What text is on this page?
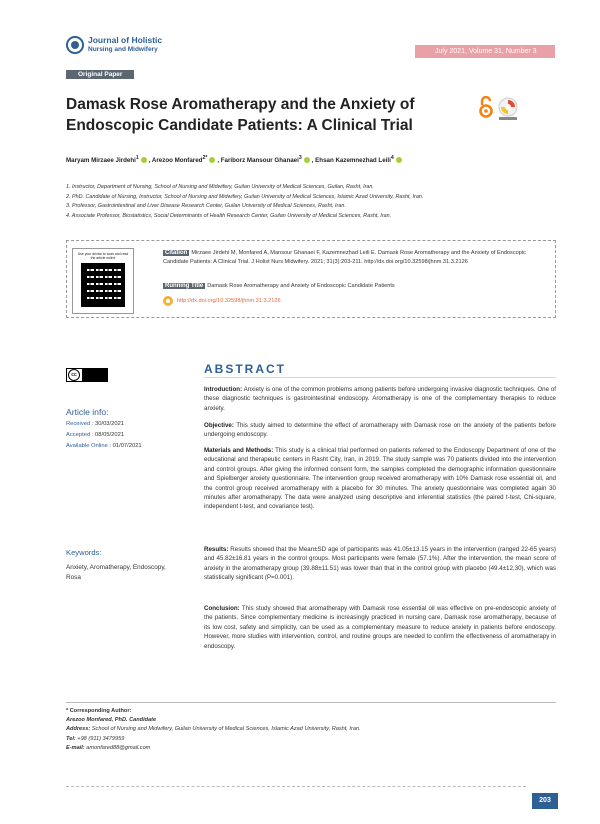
Journal of Holistic
Nursing and Midwifery	July 2021, Volume 31, Number 3
Original Paper
Damask Rose Aromatherapy and the Anxiety of Endoscopic Candidate Patients: A Clinical Trial
Maryam Mirzaee Jirdehi$^1$ , Arezoo Monfared$^{2*}$ , Fariborz Mansour Ghanaei$^3$ , Ehsan Kazemnezhad Leili$^4$
1. Instructor, Department of Nursing, School of Nursing and Midwifery, Guilan University of Medical Sciences, Guilan, Rasht, Iran.
2. PhD. Candidate of Nursing, Instructor, School of Nursing and Midwifery, Guilan University of Medical Sciences, Islamic Azad University, Rasht, Iran.
3. Professor, Gastrointestinal and Liver Disease Research Center, Guilan University of Medical Sciences, Rasht, Iran.
4. Associate Professor, Biostatistics, Social Determinants of Health Research Center, Guilan University of Medical Sciences, Rasht, Iran.
Use your device to scan and read the article online
Citation Mirzaee Jirdehi M, Monfared A, Mansour Ghanaei F, Kazemnezhad Leili E. Damask Rose Aromatherapy and the Anxiety of Endoscopic Candidate Patients: A Clinical Trial. J Holist Nurs Midwifery. 2021; 31(3):203-211. http://dx.doi.org/10.32598/jhnm.31.3.2126
Running Title Damask Rose Aromatherapy and Anxiety of Endoscopic Candidate Patients
http://dx.doi.org/10.32598/jhnm.31.3.2126
cc	ABSTRACT
Article info:
Received : 30/03/2021
Accepted : 08/05/2021
Available Online : 01/07/2021
Keywords:
Anxiety, Aromatherapy, Endoscopy, Rosa
Introduction: Anxiety is one of the common problems among patients before undergoing invasive diagnostic techniques. One of these diagnostic techniques is gastrointestinal endoscopy. Aromatherapy is one of the complementary therapies to reduce anxiety.
Objective: This study aimed to determine the effect of aromatherapy with Damask rose on the anxiety of the patients before undergoing endoscopy.
Materials and Methods: This study is a clinical trial performed on patients referred to the Endoscopy Department of one of the educational and therapeutic centers in Rasht City, Iran, in 2019. The study sample was 70 patients divided into the intervention and control groups. After giving the informed consent form, the samples completed the demographic information questionnaire and Spielberger anxiety questionnaire. The intervention group received aromatherapy with 10% Damask rose essential oil, and the control group received aromatherapy with a placebo for 30 minutes. The anxiety questionnaire was completed again 30 minutes after aromatherapy. The data were analyzed using descriptive and inferential statistics (the paired t-test, Chi-square, independent t-test, and covariance test).
Results: Results showed that the Mean±SD age of participants was 41.05±13.15 years in the intervention (ranged 22-65 years) and 45.82±16.81 years in the control groups. Most participants were female (57.1%). After the intervention, the mean score of anxiety in the aromatherapy group (39.88±11.51) was lower than that in the control group with placebo (49.4±12.30), which was statistically significant (P=0.001).
Conclusion: This study showed that aromatherapy with Damask rose essential oil was effective on pre-endoscopic anxiety of the patients. Since complementary medicine is increasingly practiced in nursing care, Damask rose aromatherapy, because of its low cost, safety and simplicity, can be used as a complementary measure to reduce anxiety in patients before endoscopy. However, more studies with intervention, control, and routine groups are needed to confirm the effectiveness of aromatherapy in endoscopy.
* Corresponding Author:
Arezoo Monfared, PhD. Candidate
Address: School of Nursing and Midwifery, Guilan University of Medical Sciences, Islamic Azad University, Rasht, Iran.
Tel: +98 (911) 3479959
E-mail: amonfared88@gmail.com
203
